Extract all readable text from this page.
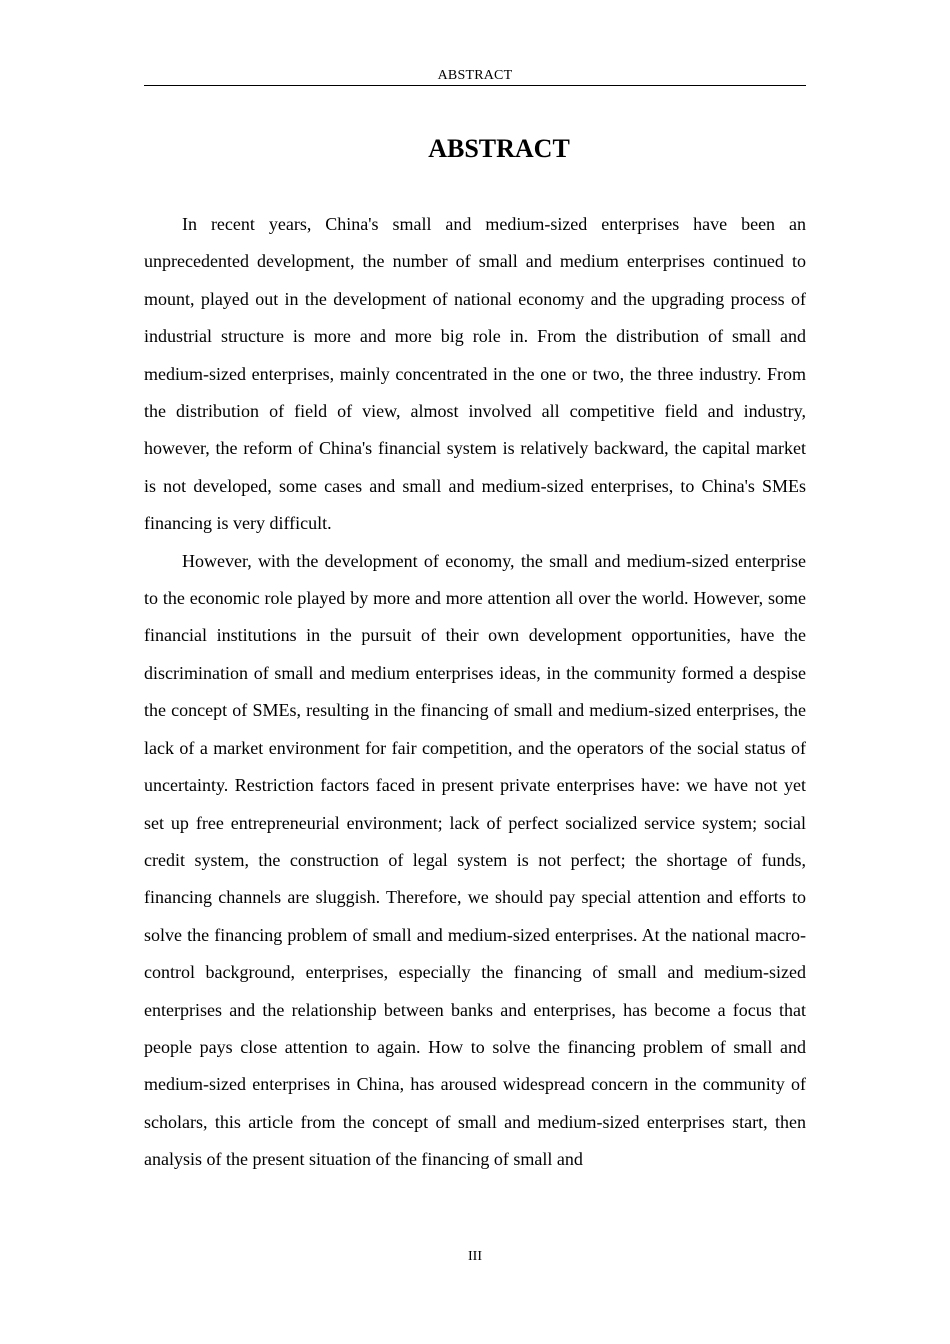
ABSTRACT
ABSTRACT

In recent years, China's small and medium-sized enterprises have been an unprecedented development, the number of small and medium enterprises continued to mount, played out in the development of national economy and the upgrading process of industrial structure is more and more big role in. From the distribution of small and medium-sized enterprises, mainly concentrated in the one or two, the three industry. From the distribution of field of view, almost involved all competitive field and industry, however, the reform of China's financial system is relatively backward, the capital market is not developed, some cases and small and medium-sized enterprises, to China's SMEs financing is very difficult.

However, with the development of economy, the small and medium-sized enterprise to the economic role played by more and more attention all over the world. However, some financial institutions in the pursuit of their own development opportunities, have the discrimination of small and medium enterprises ideas, in the community formed a despise the concept of SMEs, resulting in the financing of small and medium-sized enterprises, the lack of a market environment for fair competition, and the operators of the social status of uncertainty. Restriction factors faced in present private enterprises have: we have not yet set up free entrepreneurial environment; lack of perfect socialized service system; social credit system, the construction of legal system is not perfect; the shortage of funds, financing channels are sluggish. Therefore, we should pay special attention and efforts to solve the financing problem of small and medium-sized enterprises. At the national macro-control background, enterprises, especially the financing of small and medium-sized enterprises and the relationship between banks and enterprises, has become a focus that people pays close attention to again. How to solve the financing problem of small and medium-sized enterprises in China, has aroused widespread concern in the community of scholars, this article from the concept of small and medium-sized enterprises start, then analysis of the present situation of the financing of small and

III
